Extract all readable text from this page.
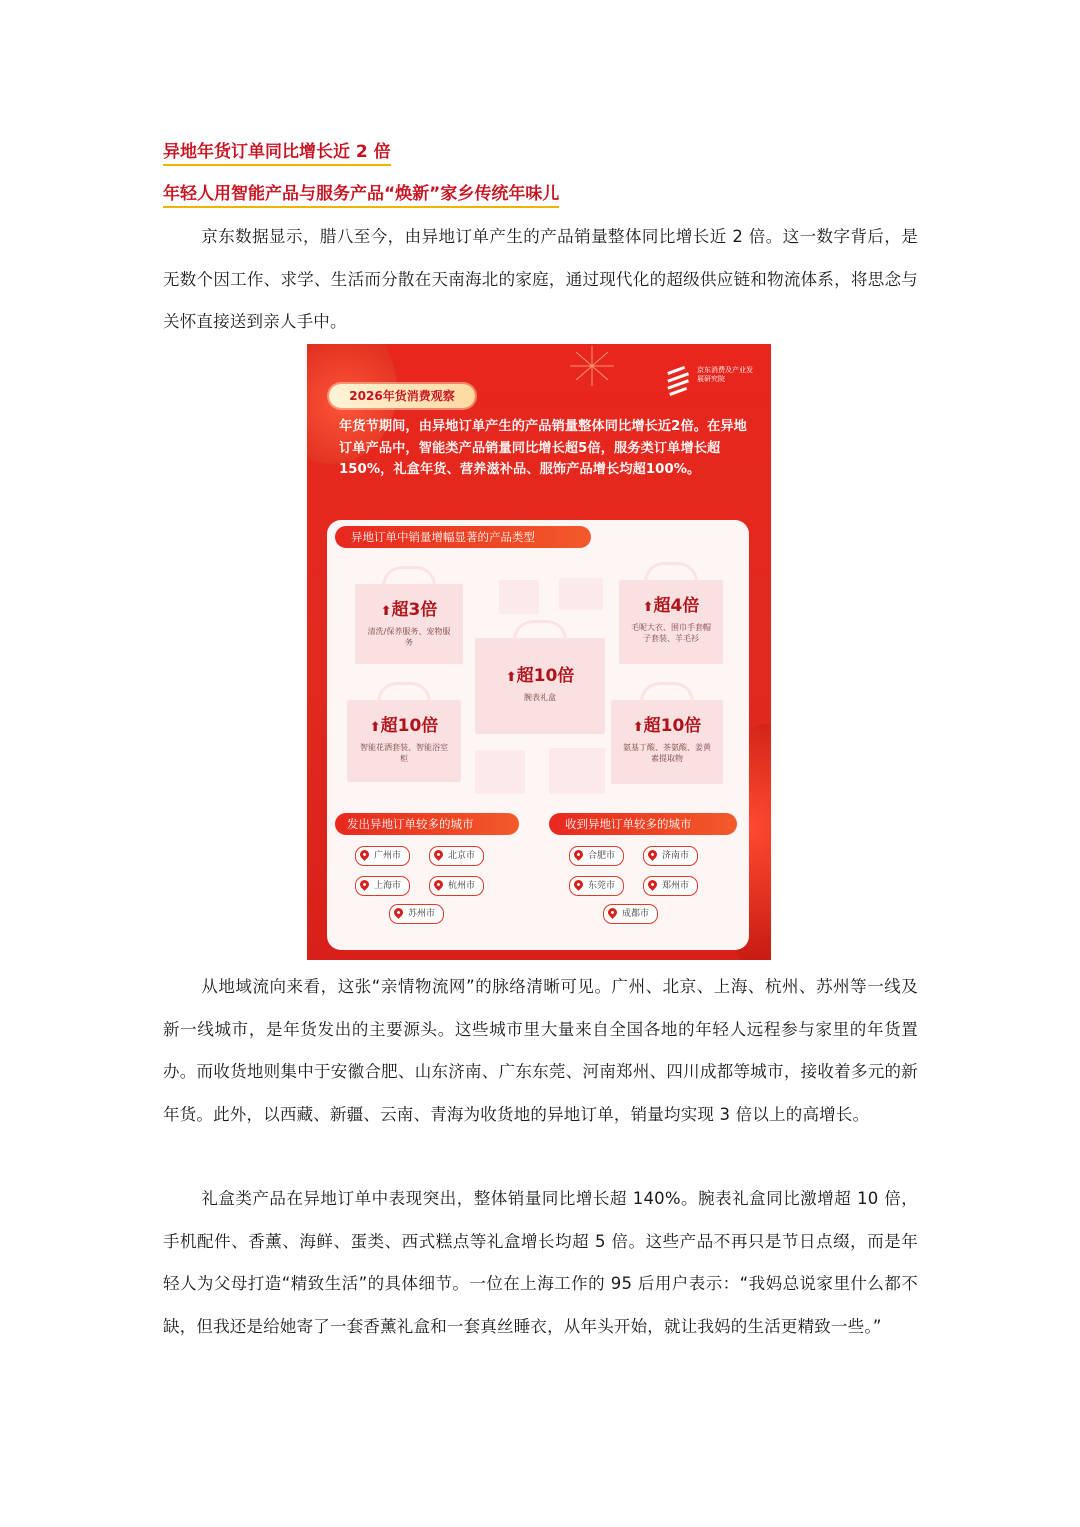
异地年货订单同比增长近 2 倍
年轻人用智能产品与服务产品“焕新”家乡传统年味儿

京东数据显示，腊八至今，由异地订单产生的产品销量整体同比增长近 2 倍。这一数字背后，是无数个因工作、求学、生活而分散在天南海北的家庭，通过现代化的超级供应链和物流体系，将思念与关怀直接送到亲人手中。

京东消费及产业发展研究院
2026年货消费观察
年货节期间，由异地订单产生的产品销量整体同比增长近2倍。在异地订单产品中，智能类产品销量同比增长超5倍，服务类订单增长超150%，礼盒年货、营养滋补品、服饰产品增长均超100%。
异地订单中销量增幅显著的产品类型
⬆超3倍
清洗/保养服务、宠物服务
⬆超4倍
毛呢大衣、围巾手套帽子套装、羊毛衫
⬆超10倍
腕表礼盒
⬆超10倍
智能花洒套装、智能浴室柜
⬆超10倍
氨基丁酸、茶氨酸、姜黄素提取物
发出异地订单较多的城市	收到异地订单较多的城市
广州市	北京市
上海市	杭州市
苏州市
合肥市	济南市
东莞市	郑州市
成都市

从地域流向来看，这张“亲情物流网”的脉络清晰可见。广州、北京、上海、杭州、苏州等一线及新一线城市，是年货发出的主要源头。这些城市里大量来自全国各地的年轻人远程参与家里的年货置办。而收货地则集中于安徽合肥、山东济南、广东东莞、河南郑州、四川成都等城市，接收着多元的新年货。此外，以西藏、新疆、云南、青海为收货地的异地订单，销量均实现 3 倍以上的高增长。

礼盒类产品在异地订单中表现突出，整体销量同比增长超 140%。腕表礼盒同比激增超 10 倍，手机配件、香薰、海鲜、蛋类、西式糕点等礼盒增长均超 5 倍。这些产品不再只是节日点缀，而是年轻人为父母打造“精致生活”的具体细节。一位在上海工作的 95 后用户表示：“我妈总说家里什么都不缺，但我还是给她寄了一套香薰礼盒和一套真丝睡衣，从年头开始，就让我妈的生活更精致一些。”
